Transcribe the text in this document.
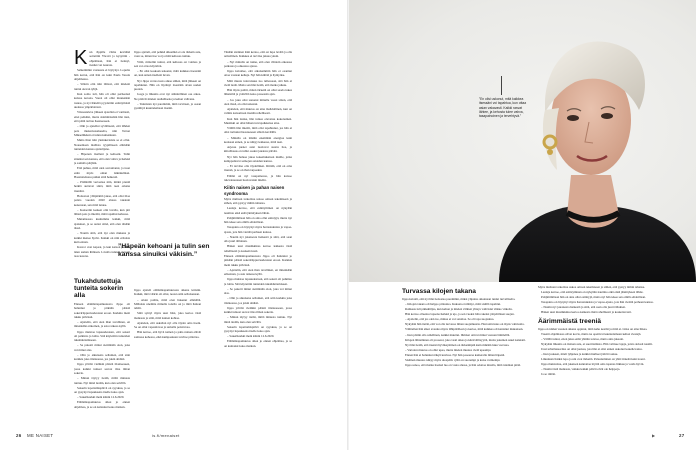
K un Jippille viime keväänä soitettiin Yle:stä ja kysyttiin -ohjelmaan, hän ei tiennyt, tiesikö vai naurata.

Selkeimmin vastausta ei löytynyt. Lopulta hän kertoi, että hän on kuin Paula Vesala ohjelmassa.

– Silloin olin niin tiltissä, että mieleni tuntui olevan tyhjä.

Kun soitto tuli, hän oli ollut perheensä kanssa kotona. Vuosi oli ollut muutenkin raskas, ja nyt häneltä pyydettiin esiintymistä uudessa ympäristössä.

Viisaasteleva jälkeen ajatellen ei varmasti, ettei pelkäisi, mutta sisimmässään hän tiesi, että pitää tarttua haasteeseen.

– Olin jo ajatellut syvällisesti, että lähden pois mukavuusalueelta, niin Tarton Mikaeliheksä ei tunnu kuitenkaan.

Muita ihan niin yksinkertaisia se ei ollut. Nousemaan mallista tyypilliseen elämään tunteiden kanssa ajattelijana.

– Hiponen itselleni ja kehoani. Tulin sinuiksi sen kanssa, että olen vahva ja herkkä ja samalla pärjään.

Että puhuu, mitä olen saavuttanut, ja tuon esiin myös oman näkökulman. Haastattelussa puhun siitä hetkestä.

– Pitämällä vertaansa niin, mitkä pieniä hetkiä auttavat siinä, mitä teen omana itsenäni.

Hoitoston ylläpitämä jakaa, että olisi tilaa palata vuoden 2020 alussa takaisin kokonaan, sen mitä tuntee.

– Konsertin kesken olin lavalla, kun piti lähteä pois ja miettiä, mitä tapahtui kehossa.

Mutamaassa kuulumme kaikki, mitä ajatukset, ja se auttoi siinä, että olen tänään tässä.

– Nautin siitä, että nyt olen mukana ja kaikki menee hyvin. Kaikki on niin erilaista kuin ennen.

Kasvot ovat kapeat, ja kun katson peiliin, näen saman ihmisen. Lavalla tunnen olevani taas kotona.

Tukahdutettuja tunteita sokerin alla

Enneen elämäntapamuutosta Jippo oli halunnut jo pitkään päästä sokeririippuvuudestaan eroon. Karkkia meni tukku päivässä.

– Ajattelin, että olen ihan tavallinen, en mitenkään erikoinen, ja asia ratkeaa kyllä.

Jippa muistaa lapsuudestaan, että sokeri oli palkinto ja lohtu. Sitä käytettiin tunteiden tukahduttamiseen.

– Se pakotti minut sietämään olon, joka vei minut alas.

– Olin jo aikuisena sellainen, että söin karkkia joka tilanteessa, jos jokin ahdisti.

Jippa yrittää vieläkin päästä tilanteeseen, jossa kaikki tunteet saavat tilaa ilman sokeria.

– Minun täytyy tietää, miltä minusta tuntuu. Nyt minä tiedän, kun olen selvillä.

Sokerin lopettamispäivä on syyskuu, ja se on pysynyt lupauksena itselle koko ajan.

– Sokerikarkki meni kiinni 12.6.2020.

Elämäntapamuutos alkoi jo ennen ohjelmaa, ja se on kantanut koko matkan.

Jippo ajatteli, että pelkkä ulkonäkö ei ole tärkein asia, vaan se, miten itse voi ja mitä kehossa tuntuu.

Viitti, mitteliin tuntui, että kehossa on voimaa ja sen voi ottaa käyttöön.

– En olisi koskaan uskonut, mitä kaikkea itsessäni on, kun annan itselleni luvan.

Nyt Jippa vertaa tuota aikaa siihen, mitä jälkeen on tapahtunut. Hän on löytänyt itsestään aivan uuden puolen.

Jooga ja liikunta ovat nyt säännöllinen osa arkea. Ne pitävät mielen rauhallisena ja kehon vahvana.

– Tunnistan nyt paremmin, mitä tarvitsen, ja osaan pysähtyä kuuntelemaan itseäni.

”Häpeän kehoani ja tulin sen kanssa sinuiksi väkisin.”

Jippa ajatteli elämäntapamuutosta aikana kriisiin. Kaikki, mitä väärin oli ollut, nousi esiin sellaisenaan.

– Aloin pohtia, mitä olen hakenut elämältä. Millaisia unelmia minulla todella on ja mitä haluan tehdä.

Siitä syntyi myös uusi biisi, joka kertoo tästä matkasta ja siitä, mitä nainen kohtaa.

Ajattelen, että uskallan nyt olla täysin oma itseni. Se on ollut vapauttavaa ja samalla pelottavaa.

Hän kertoo, että hyvä nainen ja paha nainen elävät samassa kehossa, eikä kumpaakaan tarvitse piilottaa.

Tänään sisäinen ääni kertoo, että on lupa levätä ja olla armollinen. Kaikkea ei tarvitse jaksaa yksin.

– Nyt minulla on tunne, että olen vihdoin oikeassa paikassa ja oikeassa ajassa.

Jippa kuvailee, että aikaisemmin hän ei osannut ottaa vastaan kehuja. Nyt hän kiittää ja hymyilee.

Mitä muuta tulevaisuus tuo tullessaan, sitä hän ei vielä tiedä. Mutta sen hän tietää, että matka jatkuu.

Hän myös pohtii, miten tärkeää on ollut saada tukea läheisiltä ja ystäviltä koko prosessin ajan.

– Jos joku olisi sanonut minulle vuosi sitten, että olen tässä, en olisi uskonut.

Ajattelen, että muutos on aina mahdollinen, kun on valmis katsomaan itseään rehellisesti.

Kun hän laulaa, hän tuntee olevansa kokonainen. Musiikki on ollut hänen turvapaikkansa aina.

Välillä hän miettii, mitä olisi tapahtunut, jos hän ei olisi tarttunut haasteeseen silloin keväällä.

– Minulla on tänään enemmän energiaa kuin koskaan ennen, ja se näkyy kaikessa, mitä teen.

Arjessa pienet asiat tuottavat suurta iloa, ja kiitollisuus on tullut osaksi jokaista päivää.

Nyt hän haluaa jakaa kokemuksiaan muille, jotka kamppailevat samojen asioiden kanssa.

– Ei tarvitse olla täydellinen. Riittää, että on oma itsensä, ja se on ihan tarpeeksi.

Elämä on nyt tasapainossa, ja hän katsoo tulevaisuuteen luottavaisin mielin.

Kiitin naisen ja pahan naisen syndrooma

Myös multaan tarkoittaa uskoa omaan tekemiseen ja siihen, että pystyy mihin tahansa.

Laulaja kertoo, että esiintyminen on nykyään nautinto eikä enää jännityksen lähde.

Pohjimmiltaan hän on aina ollut esiintyjä, mutta nyt hän tekee sen omilla ehdoillaan.

Tasapaino on löytynyt myös harrastuksista ja vapaa-ajasta, jota hän viettää perheen kanssa.

– Nautin nyt jokaisesta hetkestä ja siitä, että saan olla juuri tällainen.

Hänen uusi musiikkinsa kertoo kaikesta tästä rehellisesti ja koskettavasti.

Enneen elämäntapamuutosta Jippo oli halunnut jo pitkään päästä sokeririippuvuudestaan eroon. Karkkia meni tukku päivässä.

– Ajattelin, että olen ihan tavallinen, en mitenkään erikoinen, ja asia ratkeaa kyllä.

Jippa muistaa lapsuudestaan, että sokeri oli palkinto ja lohtu. Sitä käytettiin tunteiden tukahduttamiseen.

– Se pakotti minut sietämään olon, joka vei minut alas.

– Olin jo aikuisena sellainen, että söin karkkia joka tilanteessa, jos jokin ahdisti.

Jippa yrittää vieläkin päästä tilanteeseen, jossa kaikki tunteet saavat tilaa ilman sokeria.

– Minun täytyy tietää, miltä minusta tuntuu. Nyt minä tiedän, kun olen selvillä.

Sokerin lopettamispäivä on syyskuu, ja se on pysynyt lupauksena itselle koko ajan.

– Sokerikarkki meni kiinni 12.6.2020.

Elämäntapamuutos alkoi jo ennen ohjelmaa, ja se on kantanut koko matkan.

26 ME NAISET	is.fi/menaiset
”En olisi uskonut, mitä kaikkea itsessäni voi tapahtua, kun ottaa asian vakavasti. Kaikki rasvat lähtee, ja kehosta tulee vahva, tasapainoinen ja tervehtyvä.”
Turvassa kilojen takana

Jippa kuvaili, että nyt hän tiedostaa paremmin, miksi ylipaino aikoinaan tuntui turvalliselta.

– Kilojen takana oli helppo piiloutua. Kukaan ei nähnyt, mitä sisällä tapahtui.

Rohkeus tuli pikkuhiljaa, kun kehon ja mielen välinen yhteys vahvistui viikko viikolta.

Hän kertoo olleensa lapsena herkkä ja ujo, ja sen vuoksi hän rakensi ympärilleen suojan.

– Ajattelin, että jos olen iso, minua ei voi satuttaa. Se oli tapa suojautua.

Nykyään hän tietää, että voi olla turvassa ilman suojamuuria. Haavoittuvuus on myös vahvuutta.

Vähitellen hän alkoi avautua myös lähipiirilleen ja kertoa, mitä kaikkea oli kantanut mukanaan.

– Kun päätin olla rehellinen, kaikki muuttui. Ihmiset ottivat minut vastaan lämmöllä.

Kilojen lähteminen oli prosessi, joka vaati aikaa ja kärsivällisyyttä, mutta jokainen askel kannatti.

Nyt hän tietää, että itsensä hyväksyminen on tärkeämpää kuin mikään luku vaa'assa.

– Vartalon muutos on ollut upea, mutta mielen muutos vielä upeampi.

Ennen hän ei halunnut näkyä kuvissa. Nyt hän poseeraa kameralle ilman häpeää.

Sisäinen muutos näkyy myös ulospäin: ryhti on suorempi ja katse varmempi.

Jippa sanoo, että matka itsensä luo on vasta alussa, ja hän odottaa innolla, mitä tuleman pitää.

Myös multaan tarkoittaa uskoa omaan tekemiseen ja siihen, että pystyy mihin tahansa.

Laulaja kertoo, että esiintyminen on nykyään nautinto eikä enää jännityksen lähde.

Pohjimmiltaan hän on aina ollut esiintyjä, mutta nyt hän tekee sen omilla ehdoillaan.

Tasapaino on löytynyt myös harrastuksista ja vapaa-ajasta, jota hän viettää perheen kanssa.

– Nautin nyt jokaisesta hetkestä ja siitä, että saan olla juuri tällainen.

Hänen uusi musiikkinsa kertoo kaikesta tästä rehellisesti ja koskettavasti.

Äärimmäistä treeniä

Jippa on niiden vuosien aikana oppinut, mitä keho kestää ja mitä ei. Liika on aina liikaa.

Treenit ohjelmassa olivat kovia, mutta ne opettivat kuuntelemaan kehon viestejä.

– Välillä tuntui, etten jaksa enää yhtään toistoa, mutta aina jaksoin.

Nykyään liikunta on iloinen asia, ei suorittamista. Hän valitsee lajeja, joista aidosti nauttii.

Uusi urheilusuoritus on ollut juoksu, jota hän ei olisi ennen uskonut kokeilevansa.

– Kun juoksen, mieli tyhjenee ja kaikki murheet jäävät taakse.

Liikunnan lisäksi lepo ja uni ovat tärkeitä. Palautuminen on yhtä tärkeää kuin treeni.

Jippa muistuttaa, että jokaisen kannattaa löytää oma tapansa liikkua ja voida hyvin.

– Nautin tästä matkasta, vaikka kaikki päivät eivät ole helppoja.

Ja se riittää.

▶	27
